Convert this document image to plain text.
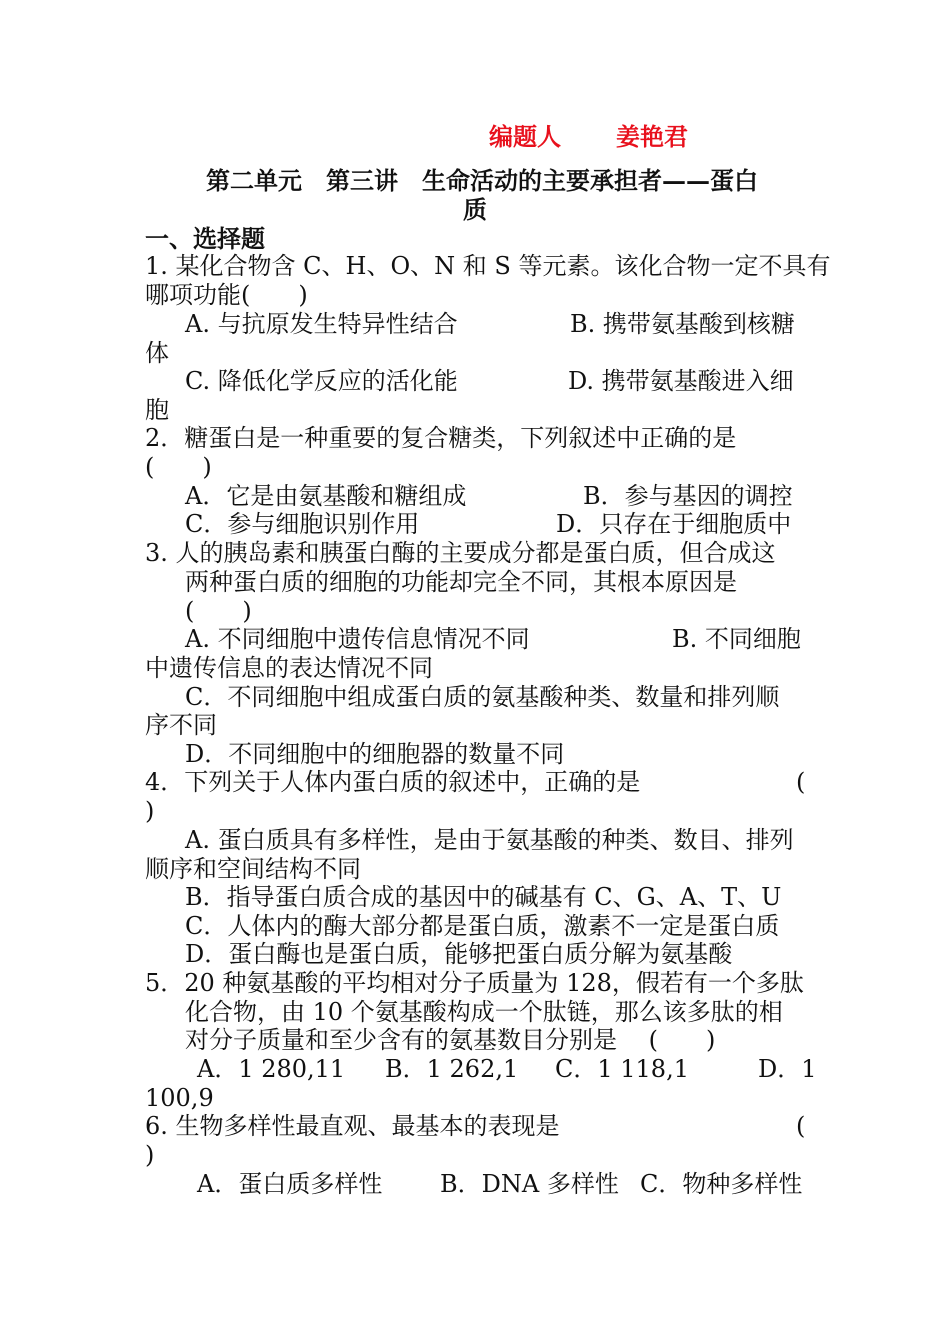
编题人 姜艳君
第二单元　第三讲　生命活动的主要承担者——蛋白
质
一、选择题
1. 某化合物含 C、H、O、N 和 S 等元素。该化合物一定不具有
哪项功能(　　)
A. 与抗原发生特异性结合	B. 携带氨基酸到核糖
体
C. 降低化学反应的活化能	D. 携带氨基酸进入细
胞
2．糖蛋白是一种重要的复合糖类，下列叙述中正确的是
(　　)
A．它是由氨基酸和糖组成	B．参与基因的调控
C．参与细胞识别作用	D．只存在于细胞质中
3. 人的胰岛素和胰蛋白酶的主要成分都是蛋白质，但合成这
两种蛋白质的细胞的功能却完全不同，其根本原因是
(　　)
A. 不同细胞中遗传信息情况不同	B. 不同细胞
中遗传信息的表达情况不同
C．不同细胞中组成蛋白质的氨基酸种类、数量和排列顺
序不同
D．不同细胞中的细胞器的数量不同
4．下列关于人体内蛋白质的叙述中，正确的是	(
)
A. 蛋白质具有多样性，是由于氨基酸的种类、数目、排列
顺序和空间结构不同
B．指导蛋白质合成的基因中的碱基有 C、G、A、T、U
C．人体内的酶大部分都是蛋白质，激素不一定是蛋白质
D．蛋白酶也是蛋白质，能够把蛋白质分解为氨基酸
5．20 种氨基酸的平均相对分子质量为 128，假若有一个多肽
化合物，由 10 个氨基酸构成一个肽链，那么该多肽的相
对分子质量和至少含有的氨基数目分别是　 (　　)
A．1 280,11 B．1 262,1 C．1 118,1	D．1
100,9
6. 生物多样性最直观、最基本的表现是	(
)
A．蛋白质多样性 B．DNA 多样性 C．物种多样性
